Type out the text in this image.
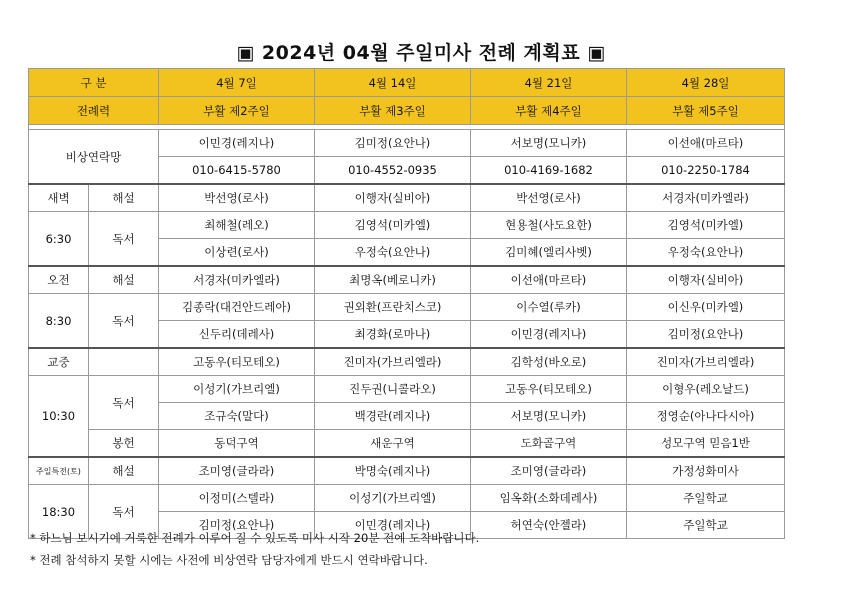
▣ 2024년 04월 주일미사 전례 계획표 ▣
구 분		4월 7일	4월 14일	4월 21일	4월 28일
전례력		부활 제2주일	부활 제3주일	부활 제4주일	부활 제5주일

비상연락망		이민경(레지나)	김미정(요안나)	서보명(모니카)	이선애(마르타)
		010-6415-5780	010-4552-0935	010-4169-1682	010-2250-1784
새벽	해설	박선영(로사)	이행자(실비아)	박선영(로사)	서경자(미카엘라)
6:30	독서	최해철(레오)	김영석(미카엘)	현용철(사도요한)	김영석(미카엘)
		이상련(로사)	우정숙(요안나)	김미혜(엘리사벳)	우정숙(요안나)
오전	해설	서경자(미카엘라)	최명옥(베로니카)	이선애(마르타)	이행자(실비아)
8:30	독서	김종락(대건안드레아)	권외환(프란치스코)	이수열(루카)	이신우(미카엘)
		신두리(데레사)	최경화(로마나)	이민경(레지나)	김미정(요안나)
교중		고동우(티모테오)	진미자(가브리엘라)	김학성(바오로)	진미자(가브리엘라)
10:30	독서	이성기(가브리엘)	진두권(니콜라오)	고동우(티모테오)	이형우(레오날드)
		조규숙(말다)	백경란(레지나)	서보명(모니카)	정영순(아나다시아)
	봉헌	동덕구역	새운구역	도화골구역	성모구역 믿음1반
주일특전(토)	해설	조미영(글라라)	박명숙(레지나)	조미영(글라라)	가정성화미사
18:30	독서	이정미(스텔라)	이성기(가브리엘)	임옥화(소화데레사)	주일학교
		김미정(요안나)	이민경(레지나)	허연숙(안젤라)	주일학교
* 하느님 보시기에 거룩한 전례가 이루어 질 수 있도록 미사 시작 20분 전에 도착바랍니다.
* 전례 참석하지 못할 시에는 사전에 비상연락 담당자에게 반드시 연락바랍니다.
